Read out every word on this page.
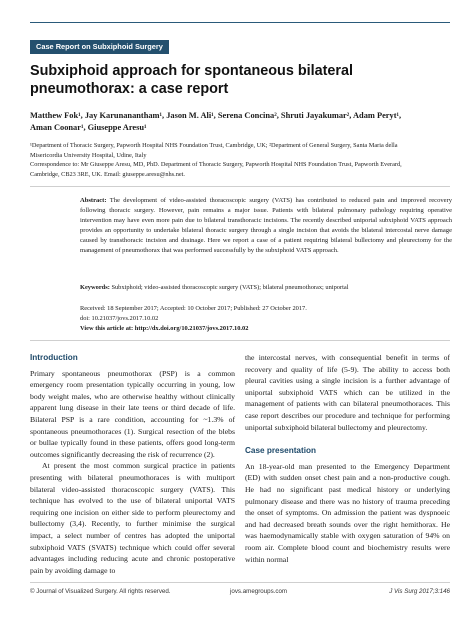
Case Report on Subxiphoid Surgery
Subxiphoid approach for spontaneous bilateral pneumothorax: a case report
Matthew Fok¹, Jay Karunanantham¹, Jason M. Ali¹, Serena Concina², Shruti Jayakumar², Adam Peryt¹,
Aman Coonar¹, Giuseppe Aresu¹

¹Department of Thoracic Surgery, Papworth Hospital NHS Foundation Trust, Cambridge, UK; ²Department of General Surgery, Santa Maria della

Misericordia University Hospital, Udine, Italy

Correspondence to: Mr Giuseppe Aresu, MD, PhD. Department of Thoracic Surgery, Papworth Hospital NHS Foundation Trust, Papworth Everard,

Cambridge, CB23 3RE, UK. Email: giuseppe.aresu@nhs.net.

Abstract: The development of video-assisted thoracoscopic surgery (VATS) has contributed to reduced pain and improved recovery following thoracic surgery. However, pain remains a major issue. Patients with bilateral pulmonary pathology requiring operative intervention may have even more pain due to bilateral transthoracic incisions. The recently described uniportal subxiphoid VATS approach provides an opportunity to undertake bilateral thoracic surgery through a single incision that avoids the bilateral intercostal nerve damage caused by transthoracic incision and drainage. Here we report a case of a patient requiring bilateral bullectomy and pleurectomy for the management of pneumothorax that was performed successfully by the subxiphoid VATS approach.
Keywords: Subxiphoid; video-assisted thoracoscopic surgery (VATS); bilateral pneumothorax; uniportal

Received: 18 September 2017; Accepted: 10 October 2017; Published: 27 October 2017.

doi: 10.21037/jovs.2017.10.02

View this article at: http://dx.doi.org/10.21037/jovs.2017.10.02

Introduction

Primary spontaneous pneumothorax (PSP) is a common emergency room presentation typically occurring in young, low body weight males, who are otherwise healthy without clinically apparent lung disease in their late teens or third decade of life. Bilateral PSP is a rare condition, accounting for ~1.3% of spontaneous pneumothoraces (1). Surgical resection of the blebs or bullae typically found in these patients, offers good long-term outcomes significantly decreasing the risk of recurrence (2).

At present the most common surgical practice in patients presenting with bilateral pneumothoraces is with multiport bilateral video-assisted thoracoscopic surgery (VATS). This technique has evolved to the use of bilateral uniportal VATS requiring one incision on either side to perform pleurectomy and bullectomy (3,4). Recently, to further minimise the surgical impact, a select number of centres has adopted the uniportal subxiphoid VATS (SVATS) technique which could offer several advantages including reducing acute and chronic postoperative pain by avoiding damage to

the intercostal nerves, with consequential benefit in terms of recovery and quality of life (5-9). The ability to access both pleural cavities using a single incision is a further advantage of uniportal subxiphoid VATS which can be utilized in the management of patients with can bilateral pneumothoraces. This case report describes our procedure and technique for performing uniportal subxiphoid bilateral bullectomy and pleurectomy.

Case presentation

An 18-year-old man presented to the Emergency Department (ED) with sudden onset chest pain and a non-productive cough. He had no significant past medical history or underlying pulmonary disease and there was no history of trauma preceding the onset of symptoms. On admission the patient was dyspnoeic and had decreased breath sounds over the right hemithorax. He was haemodynamically stable with oxygen saturation of 94% on room air. Complete blood count and biochemistry results were within normal

© Journal of Visualized Surgery. All rights reserved.	jovs.amegroups.com	J Vis Surg 2017;3:146
